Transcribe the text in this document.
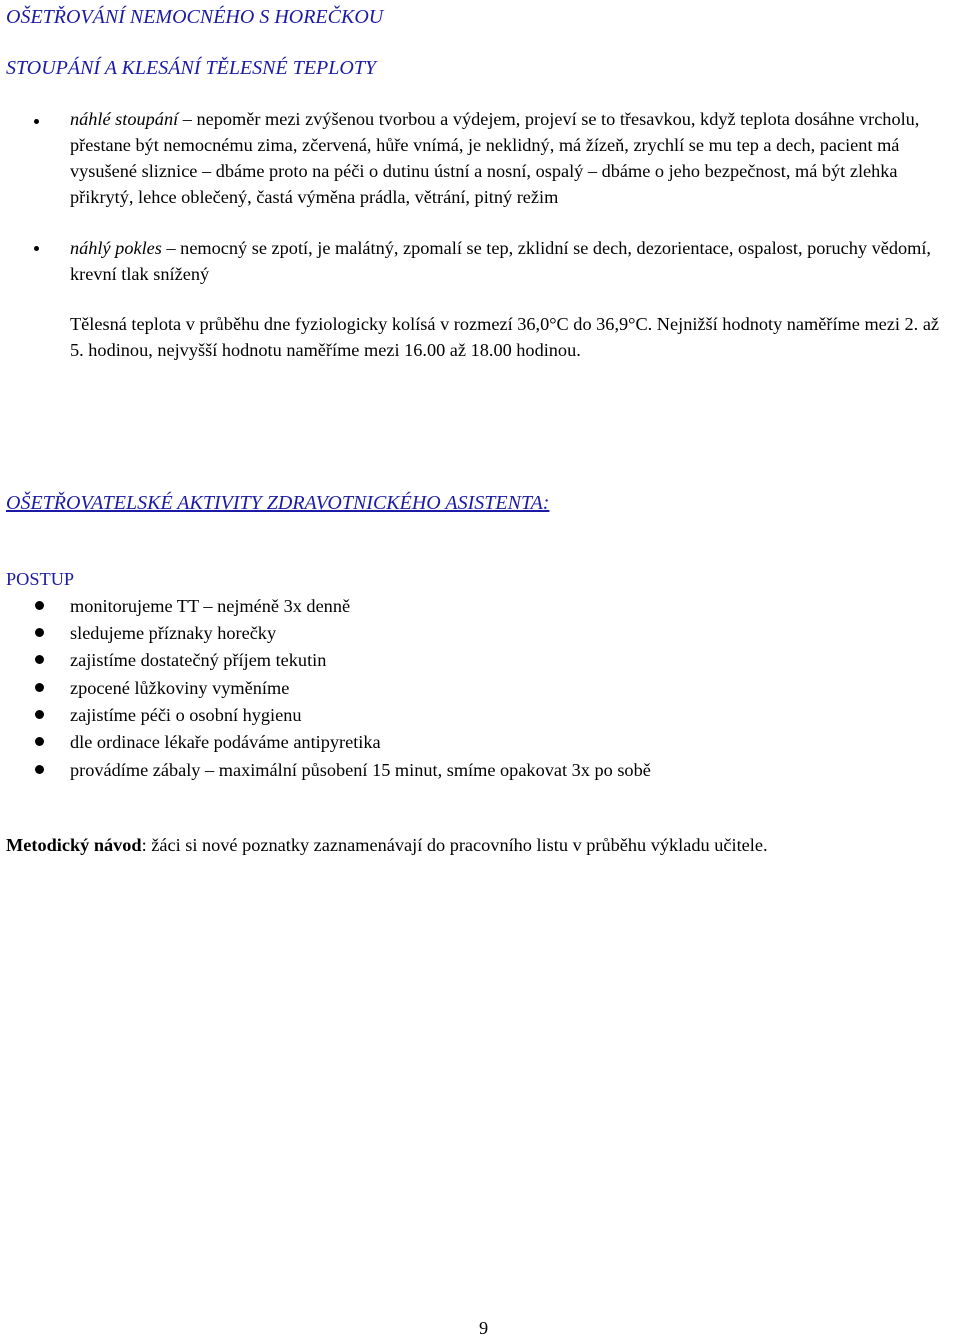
OŠETŘOVÁNÍ NEMOCNÉHO S HOREČKOU
STOUPÁNÍ A KLESÁNÍ TĚLESNÉ TEPLOTY
náhlé stoupání – nepoměr mezi zvýšenou tvorbou a výdejem, projeví se to třesavkou, když teplota dosáhne vrcholu, přestane být nemocnému zima, zčervená, hůře vnímá, je neklidný, má žízeň, zrychlí se mu tep a dech, pacient má vysušené sliznice – dbáme proto na péči o dutinu ústní a nosní, ospalý – dbáme o jeho bezpečnost, má být zlehka přikrytý, lehce oblečený, častá výměna prádla, větrání, pitný režim
náhlý pokles – nemocný se zpotí, je malátný, zpomalí se tep, zklidní se dech, dezorientace, ospalost, poruchy vědomí, krevní tlak snížený
Tělesná teplota v průběhu dne fyziologicky kolísá v rozmezí 36,0°C do 36,9°C. Nejnižší hodnoty naměříme mezi 2. až 5. hodinou, nejvyšší hodnotu naměříme mezi 16.00 až 18.00 hodinou.
OŠETŘOVATELSKÉ AKTIVITY ZDRAVOTNICKÉHO ASISTENTA:
POSTUP
monitorujeme TT – nejméně 3x denně
sledujeme příznaky horečky
zajistíme dostatečný příjem tekutin
zpocené lůžkoviny vyměníme
zajistíme péči o osobní hygienu
dle ordinace lékaře podáváme antipyretika
provádíme zábaly – maximální působení 15 minut, smíme opakovat 3x po sobě
Metodický návod: žáci si nové poznatky zaznamenávají do pracovního listu v průběhu výkladu učitele.
9
